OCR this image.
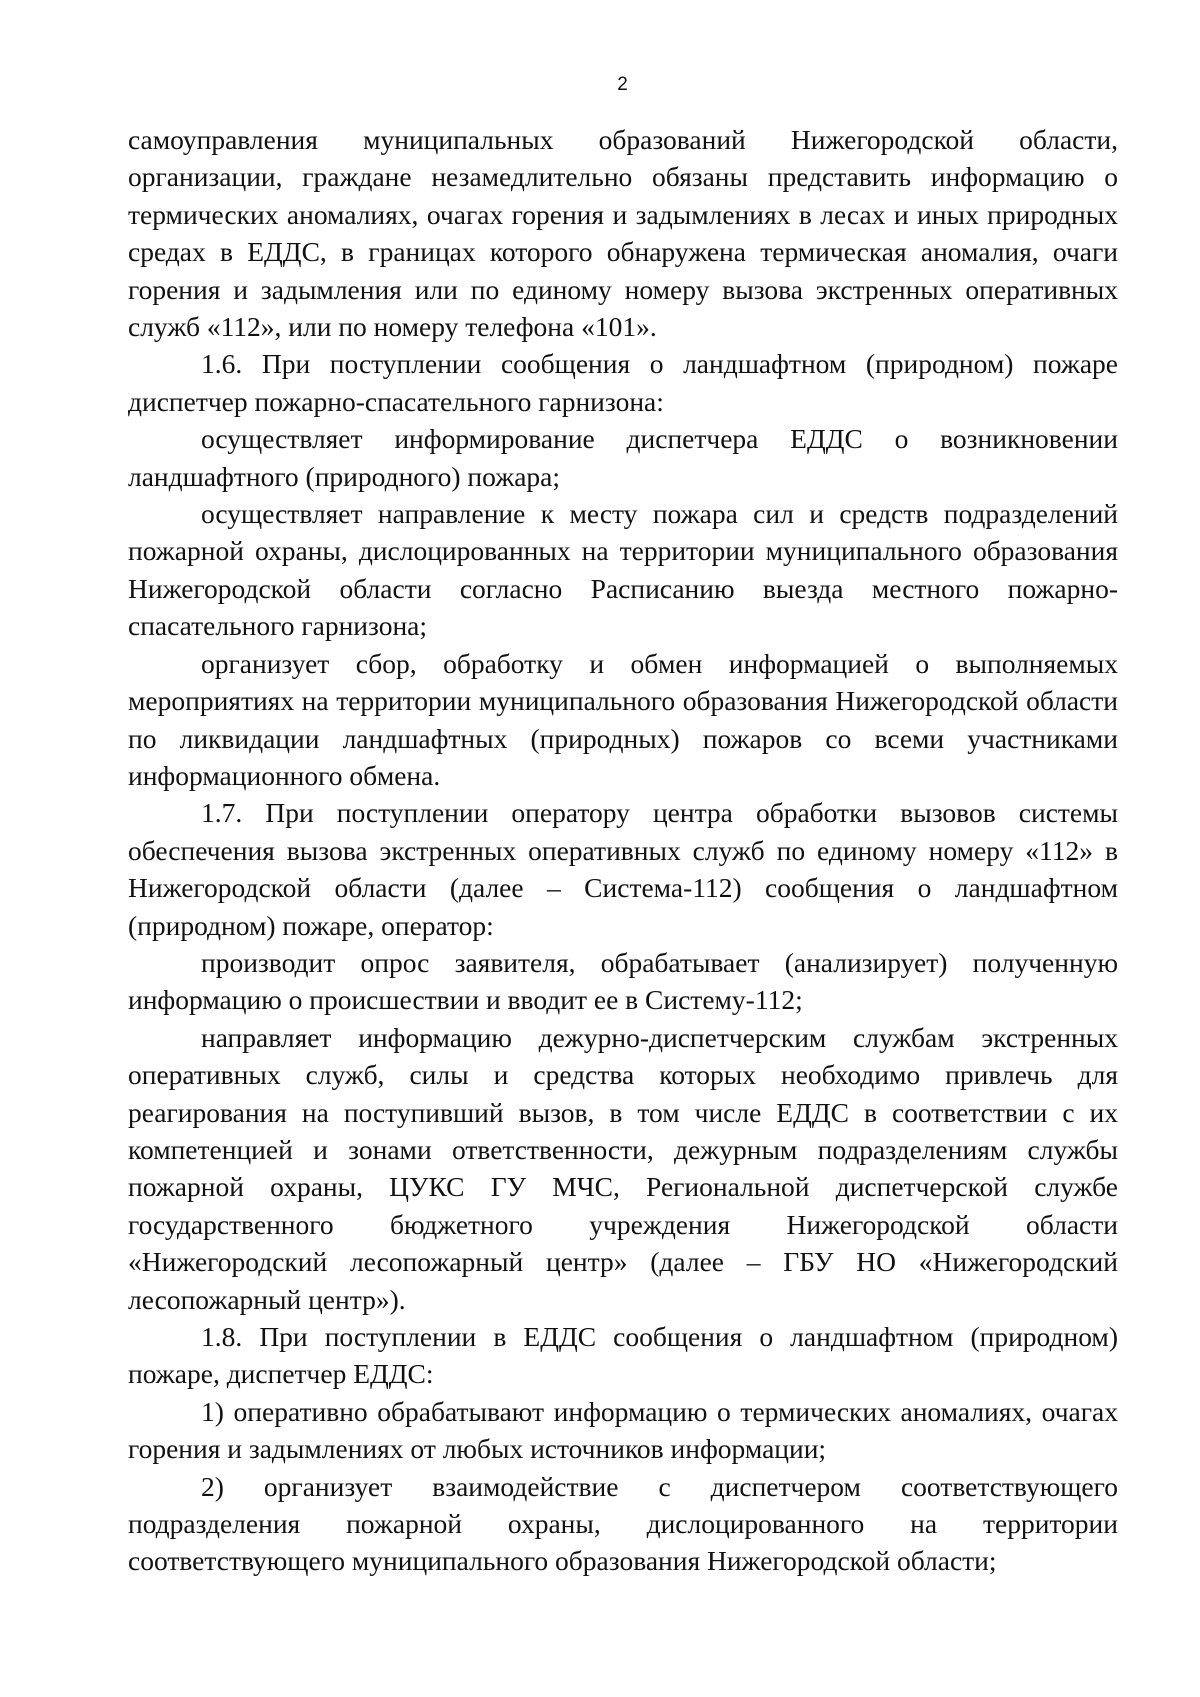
2

самоуправления муниципальных образований Нижегородской области, организации, граждане незамедлительно обязаны представить информацию о термических аномалиях, очагах горения и задымлениях в лесах и иных природных средах в ЕДДС, в границах которого обнаружена термическая аномалия, очаги горения и задымления или по единому номеру вызова экстренных оперативных служб «112», или по номеру телефона «101».

1.6. При поступлении сообщения о ландшафтном (природном) пожаре диспетчер пожарно-спасательного гарнизона:

осуществляет информирование диспетчера ЕДДС о возникновении ландшафтного (природного) пожара;

осуществляет направление к месту пожара сил и средств подразделений пожарной охраны, дислоцированных на территории муниципального образования Нижегородской области согласно Расписанию выезда местного пожарно-спасательного гарнизона;

организует сбор, обработку и обмен информацией о выполняемых мероприятиях на территории муниципального образования Нижегородской области по ликвидации ландшафтных (природных) пожаров со всеми участниками информационного обмена.

1.7. При поступлении оператору центра обработки вызовов системы обеспечения вызова экстренных оперативных служб по единому номеру «112» в Нижегородской области (далее – Система-112) сообщения о ландшафтном (природном) пожаре, оператор:

производит опрос заявителя, обрабатывает (анализирует) полученную информацию о происшествии и вводит ее в Систему-112;

направляет информацию дежурно-диспетчерским службам экстренных оперативных служб, силы и средства которых необходимо привлечь для реагирования на поступивший вызов, в том числе ЕДДС в соответствии с их компетенцией и зонами ответственности, дежурным подразделениям службы пожарной охраны, ЦУКС ГУ МЧС, Региональной диспетчерской службе государственного бюджетного учреждения Нижегородской области «Нижегородский лесопожарный центр» (далее – ГБУ НО «Нижегородский лесопожарный центр»).

1.8. При поступлении в ЕДДС сообщения о ландшафтном (природном) пожаре, диспетчер ЕДДС:

1) оперативно обрабатывают информацию о термических аномалиях, очагах горения и задымлениях от любых источников информации;

2) организует взаимодействие с диспетчером соответствующего подразделения пожарной охраны, дислоцированного на территории соответствующего муниципального образования Нижегородской области;
